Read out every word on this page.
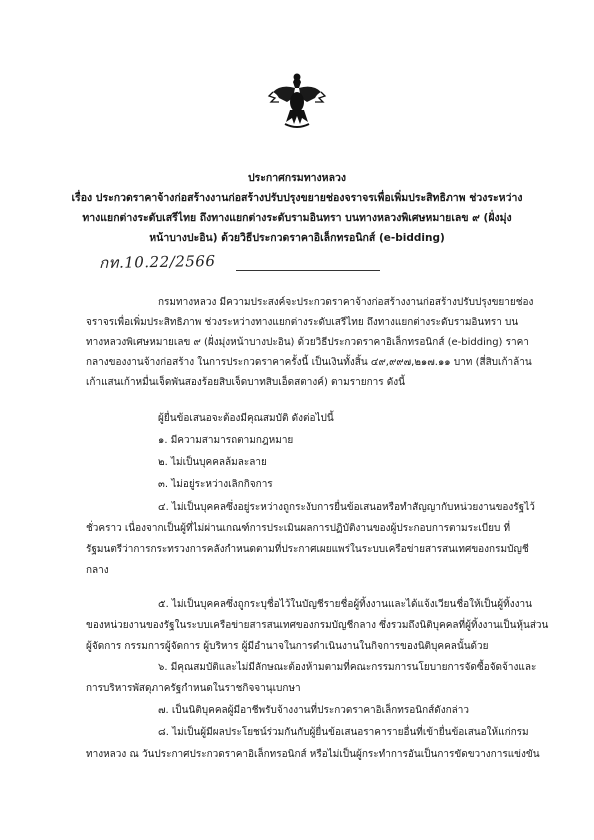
ประกาศกรมทางหลวง
เรื่อง ประกวดราคาจ้างก่อสร้างงานก่อสร้างปรับปรุงขยายช่องจราจรเพื่อเพิ่มประสิทธิภาพ ช่วงระหว่าง
ทางแยกต่างระดับเสรีไทย ถึงทางแยกต่างระดับรามอินทรา บนทางหลวงพิเศษหมายเลข ๙ (ฝั่งมุ่ง
หน้าบางปะอิน) ด้วยวิธีประกวดราคาอิเล็กทรอนิกส์ (e-bidding)
กท.10.22/2566
กรมทางหลวง มีความประสงค์จะประกวดราคาจ้างก่อสร้างงานก่อสร้างปรับปรุงขยายช่อง
จราจรเพื่อเพิ่มประสิทธิภาพ ช่วงระหว่างทางแยกต่างระดับเสรีไทย ถึงทางแยกต่างระดับรามอินทรา บน
ทางหลวงพิเศษหมายเลข ๙ (ฝั่งมุ่งหน้าบางปะอิน) ด้วยวิธีประกวดราคาอิเล็กทรอนิกส์ (e-bidding) ราคา
กลางของงานจ้างก่อสร้าง ในการประกวดราคาครั้งนี้ เป็นเงินทั้งสิ้น ๔๙,๙๙๗,๒๑๗.๑๑ บาท (สี่สิบเก้าล้าน
เก้าแสนเก้าหมื่นเจ็ดพันสองร้อยสิบเจ็ดบาทสิบเอ็ดสตางค์) ตามรายการ ดังนี้
ผู้ยื่นข้อเสนอจะต้องมีคุณสมบัติ ดังต่อไปนี้
๑. มีความสามารถตามกฎหมาย
๒. ไม่เป็นบุคคลล้มละลาย
๓. ไม่อยู่ระหว่างเลิกกิจการ
๔. ไม่เป็นบุคคลซึ่งอยู่ระหว่างถูกระงับการยื่นข้อเสนอหรือทำสัญญากับหน่วยงานของรัฐไว้
ชั่วคราว เนื่องจากเป็นผู้ที่ไม่ผ่านเกณฑ์การประเมินผลการปฏิบัติงานของผู้ประกอบการตามระเบียบ ที่
รัฐมนตรีว่าการกระทรวงการคลังกำหนดตามที่ประกาศเผยแพร่ในระบบเครือข่ายสารสนเทศของกรมบัญชี
กลาง
๕. ไม่เป็นบุคคลซึ่งถูกระบุชื่อไว้ในบัญชีรายชื่อผู้ทิ้งงานและได้แจ้งเวียนชื่อให้เป็นผู้ทิ้งงาน
ของหน่วยงานของรัฐในระบบเครือข่ายสารสนเทศของกรมบัญชีกลาง ซึ่งรวมถึงนิติบุคคลที่ผู้ทิ้งงานเป็นหุ้นส่วน
ผู้จัดการ กรรมการผู้จัดการ ผู้บริหาร ผู้มีอำนาจในการดำเนินงานในกิจการของนิติบุคคลนั้นด้วย
๖. มีคุณสมบัติและไม่มีลักษณะต้องห้ามตามที่คณะกรรมการนโยบายการจัดซื้อจัดจ้างและ
การบริหารพัสดุภาครัฐกำหนดในราชกิจจานุเบกษา
๗. เป็นนิติบุคคลผู้มีอาชีพรับจ้างงานที่ประกวดราคาอิเล็กทรอนิกส์ดังกล่าว
๘. ไม่เป็นผู้มีผลประโยชน์ร่วมกันกับผู้ยื่นข้อเสนอราคารายอื่นที่เข้ายื่นข้อเสนอให้แก่กรม
ทางหลวง ณ วันประกาศประกวดราคาอิเล็กทรอนิกส์ หรือไม่เป็นผู้กระทำการอันเป็นการขัดขวางการแข่งขัน
